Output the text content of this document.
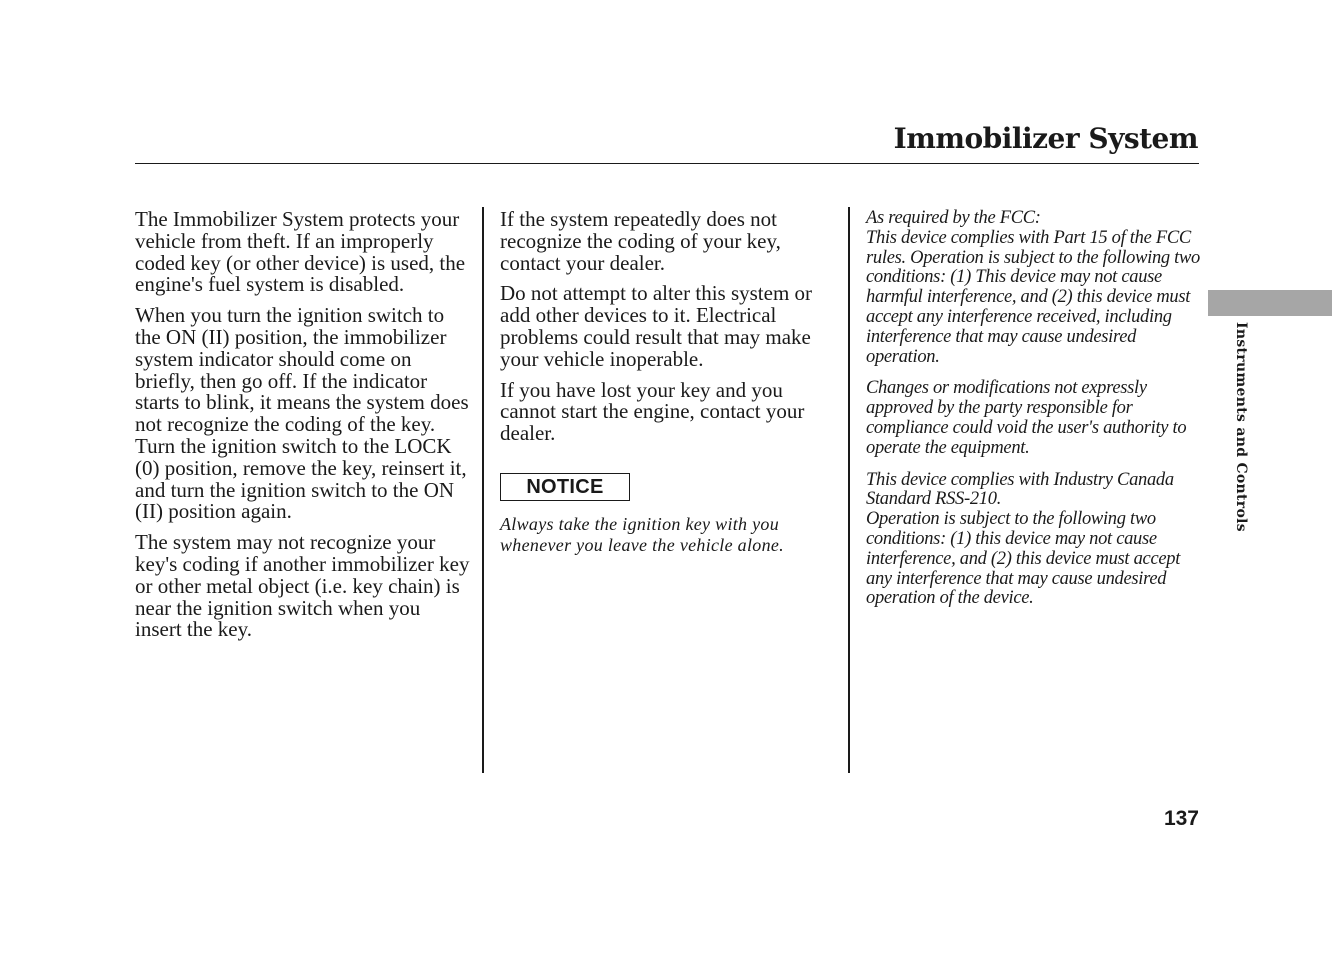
Immobilizer System

The Immobilizer System protects your vehicle from theft. If an improperly coded key (or other device) is used, the engine's fuel system is disabled.

When you turn the ignition switch to the ON (II) position, the immobilizer system indicator should come on briefly, then go off. If the indicator starts to blink, it means the system does not recognize the coding of the key. Turn the ignition switch to the LOCK (0) position, remove the key, reinsert it, and turn the ignition switch to the ON (II) position again.

The system may not recognize your key's coding if another immobilizer key or other metal object (i.e. key chain) is near the ignition switch when you insert the key.

If the system repeatedly does not recognize the coding of your key, contact your dealer.

Do not attempt to alter this system or add other devices to it. Electrical problems could result that may make your vehicle inoperable.

If you have lost your key and you cannot start the engine, contact your dealer.

NOTICE

Always take the ignition key with you whenever you leave the vehicle alone.

As required by the FCC:
This device complies with Part 15 of the FCC rules. Operation is subject to the following two conditions: (1) This device may not cause harmful interference, and (2) this device must accept any interference received, including interference that may cause undesired operation.

Changes or modifications not expressly approved by the party responsible for compliance could void the user's authority to operate the equipment.

This device complies with Industry Canada Standard RSS-210.
Operation is subject to the following two conditions: (1) this device may not cause interference, and (2) this device must accept any interference that may cause undesired operation of the device.

Instruments and Controls
137
